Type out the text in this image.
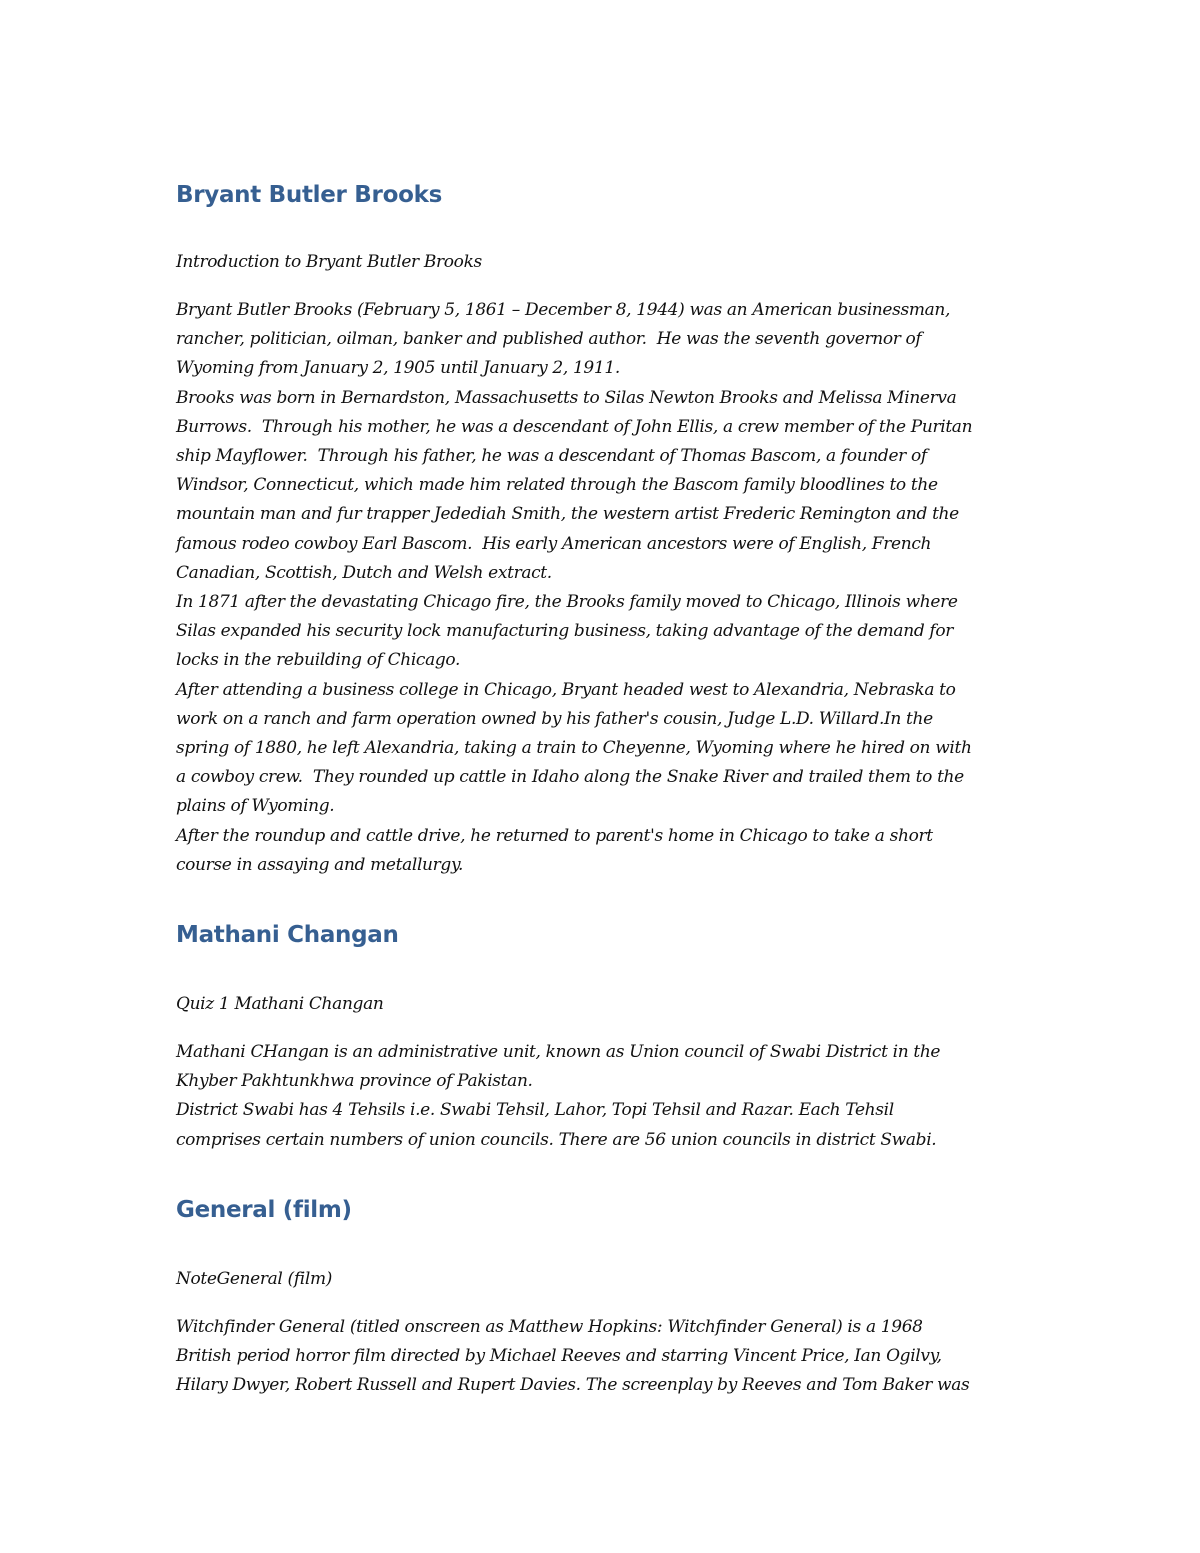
Bryant Butler Brooks

Introduction to Bryant Butler Brooks

Bryant Butler Brooks (February 5, 1861 – December 8, 1944) was an American businessman,
rancher, politician, oilman, banker and published author.  He was the seventh governor of
Wyoming from January 2, 1905 until January 2, 1911.
Brooks was born in Bernardston, Massachusetts to Silas Newton Brooks and Melissa Minerva
Burrows.  Through his mother, he was a descendant of John Ellis, a crew member of the Puritan
ship Mayflower.  Through his father, he was a descendant of Thomas Bascom, a founder of
Windsor, Connecticut, which made him related through the Bascom family bloodlines to the
mountain man and fur trapper Jedediah Smith, the western artist Frederic Remington and the
famous rodeo cowboy Earl Bascom.  His early American ancestors were of English, French
Canadian, Scottish, Dutch and Welsh extract.
In 1871 after the devastating Chicago fire, the Brooks family moved to Chicago, Illinois where
Silas expanded his security lock manufacturing business, taking advantage of the demand for
locks in the rebuilding of Chicago.
After attending a business college in Chicago, Bryant headed west to Alexandria, Nebraska to
work on a ranch and farm operation owned by his father's cousin, Judge L.D. Willard.In the
spring of 1880, he left Alexandria, taking a train to Cheyenne, Wyoming where he hired on with
a cowboy crew.  They rounded up cattle in Idaho along the Snake River and trailed them to the
plains of Wyoming.
After the roundup and cattle drive, he returned to parent's home in Chicago to take a short
course in assaying and metallurgy.
Mathani Changan

Quiz 1 Mathani Changan

Mathani CHangan is an administrative unit, known as Union council of Swabi District in the
Khyber Pakhtunkhwa province of Pakistan.
District Swabi has 4 Tehsils i.e. Swabi Tehsil, Lahor, Topi Tehsil and Razar. Each Tehsil
comprises certain numbers of union councils. There are 56 union councils in district Swabi.
General (film)

NoteGeneral (film)

Witchfinder General (titled onscreen as Matthew Hopkins: Witchfinder General) is a 1968
British period horror film directed by Michael Reeves and starring Vincent Price, Ian Ogilvy,
Hilary Dwyer, Robert Russell and Rupert Davies. The screenplay by Reeves and Tom Baker was
